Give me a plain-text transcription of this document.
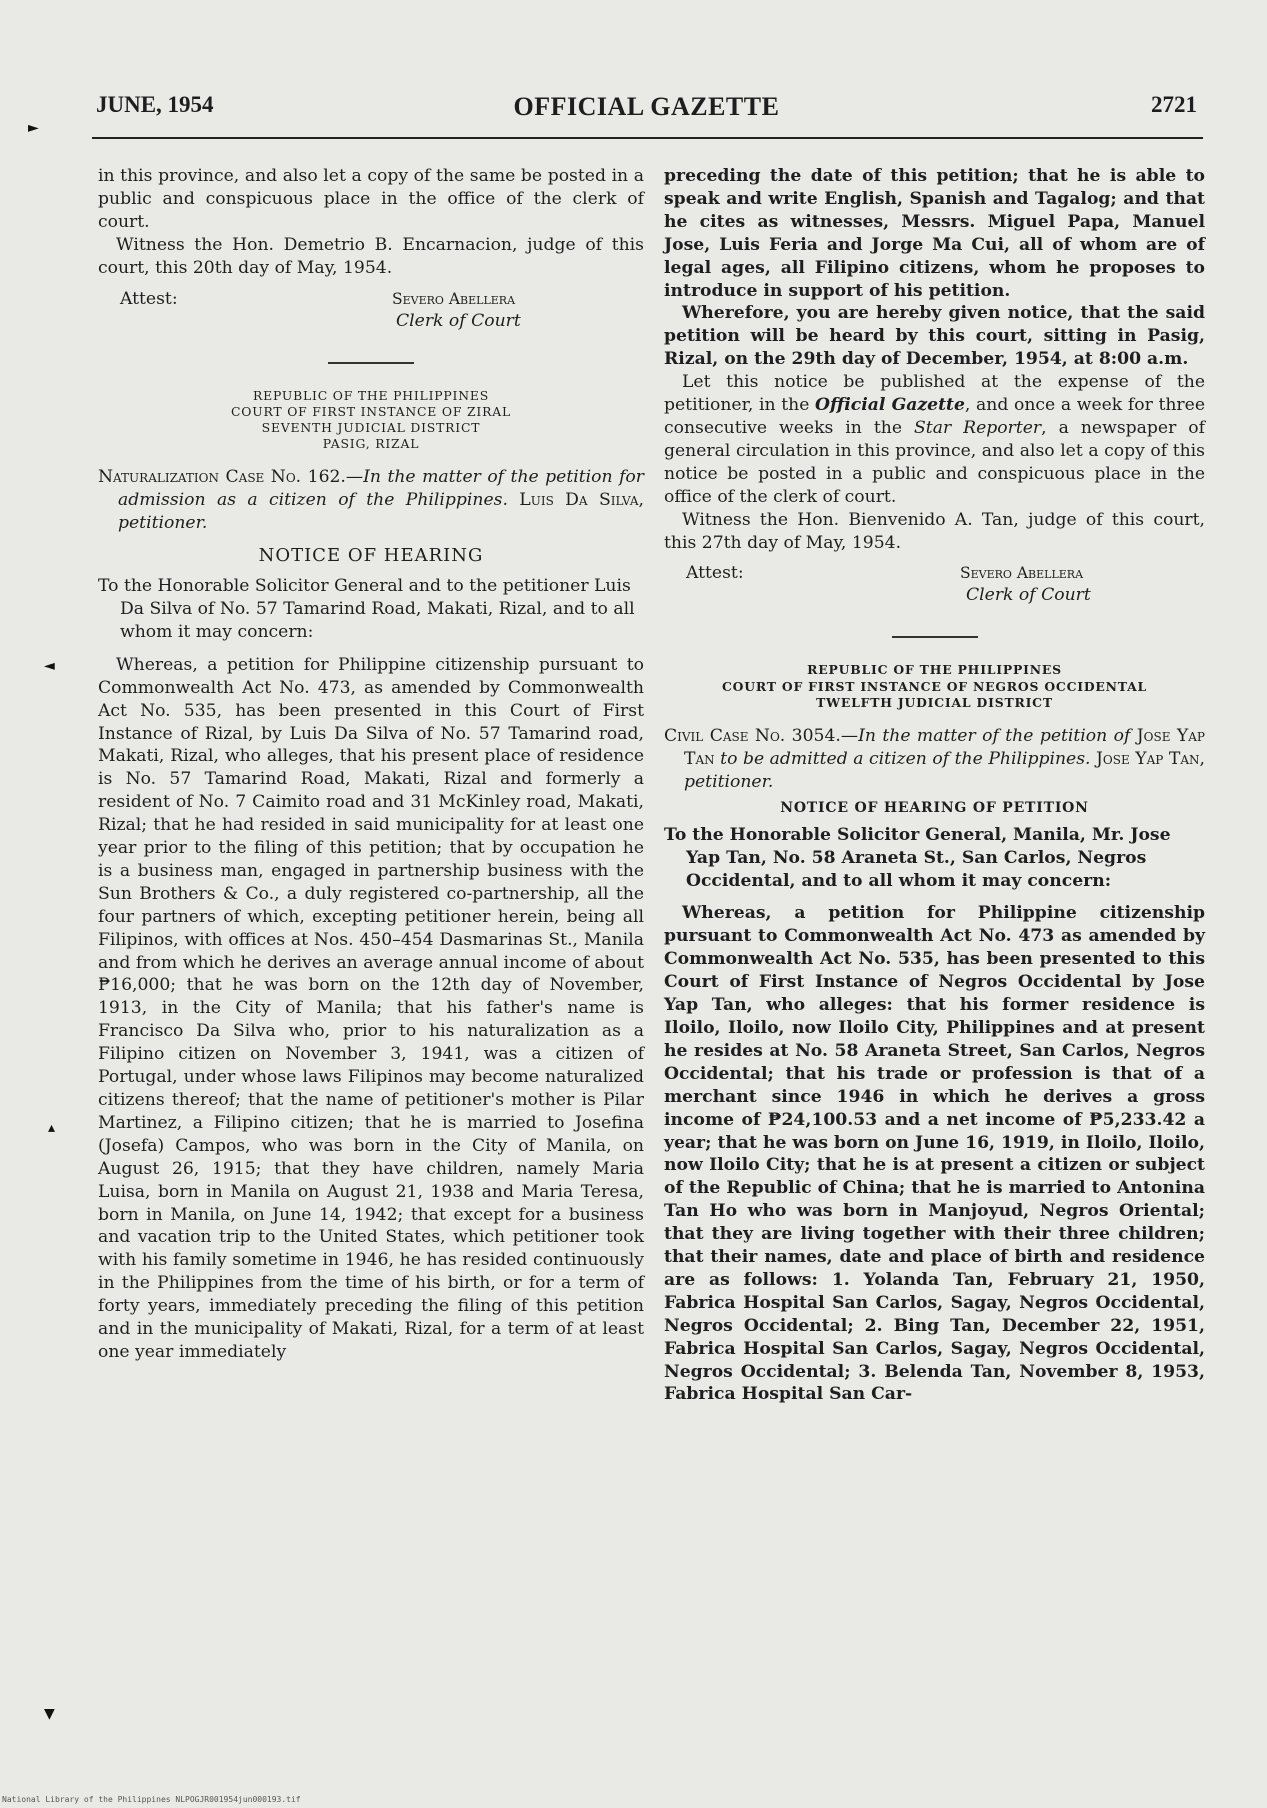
►
◄
▴
▼
JUNE, 1954	OFFICIAL GAZETTE	2721

in this province, and also let a copy of the same be posted in a public and conspicuous place in the office of the clerk of court.

Witness the Hon. Demetrio B. Encarnacion, judge of this court, this 20th day of May, 1954.

Attest:	Severo Abellera
Clerk of Court
REPUBLIC OF THE PHILIPPINES
COURT OF FIRST INSTANCE OF ZIRAL
SEVENTH JUDICIAL DISTRICT
PASIG, RIZAL

Naturalization Case No. 162.—In the matter of the petition for admission as a citizen of the Philippines. Luis Da Silva, petitioner.

NOTICE OF HEARING

To the Honorable Solicitor General and to the petitioner Luis Da Silva of No. 57 Tamarind Road, Makati, Rizal, and to all whom it may concern:

Whereas, a petition for Philippine citizenship pursuant to Commonwealth Act No. 473, as amended by Commonwealth Act No. 535, has been presented in this Court of First Instance of Rizal, by Luis Da Silva of No. 57 Tamarind road, Makati, Rizal, who alleges, that his present place of residence is No. 57 Tamarind Road, Makati, Rizal and formerly a resident of No. 7 Caimito road and 31 McKinley road, Makati, Rizal; that he had resided in said municipality for at least one year prior to the filing of this petition; that by occupation he is a business man, engaged in partnership business with the Sun Brothers & Co., a duly registered co-partnership, all the four partners of which, excepting petitioner herein, being all Filipinos, with offices at Nos. 450–454 Dasmarinas St., Manila and from which he derives an average annual income of about ₱16,000; that he was born on the 12th day of November, 1913, in the City of Manila; that his father's name is Francisco Da Silva who, prior to his naturalization as a Filipino citizen on November 3, 1941, was a citizen of Portugal, under whose laws Filipinos may become naturalized citizens thereof; that the name of petitioner's mother is Pilar Martinez, a Filipino citizen; that he is married to Josefina (Josefa) Campos, who was born in the City of Manila, on August 26, 1915; that they have children, namely Maria Luisa, born in Manila on August 21, 1938 and Maria Teresa, born in Manila, on June 14, 1942; that except for a business and vacation trip to the United States, which petitioner took with his family sometime in 1946, he has resided continuously in the Philippines from the time of his birth, or for a term of forty years, immediately preceding the filing of this petition and in the municipality of Makati, Rizal, for a term of at least one year immediately

preceding the date of this petition; that he is able to speak and write English, Spanish and Tagalog; and that he cites as witnesses, Messrs. Miguel Papa, Manuel Jose, Luis Feria and Jorge Ma Cui, all of whom are of legal ages, all Filipino citizens, whom he proposes to introduce in support of his petition.

Wherefore, you are hereby given notice, that the said petition will be heard by this court, sitting in Pasig, Rizal, on the 29th day of December, 1954, at 8:00 a.m.

Let this notice be published at the expense of the petitioner, in the Official Gazette, and once a week for three consecutive weeks in the Star Reporter, a newspaper of general circulation in this province, and also let a copy of this notice be posted in a public and conspicuous place in the office of the clerk of court.

Witness the Hon. Bienvenido A. Tan, judge of this court, this 27th day of May, 1954.

Attest:	Severo Abellera
Clerk of Court
REPUBLIC OF THE PHILIPPINES
COURT OF FIRST INSTANCE OF NEGROS OCCIDENTAL
TWELFTH JUDICIAL DISTRICT

Civil Case No. 3054.—In the matter of the petition of Jose Yap Tan to be admitted a citizen of the Philippines. Jose Yap Tan, petitioner.

NOTICE OF HEARING OF PETITION

To the Honorable Solicitor General, Manila, Mr. Jose Yap Tan, No. 58 Araneta St., San Carlos, Negros Occidental, and to all whom it may concern:

Whereas, a petition for Philippine citizenship pursuant to Commonwealth Act No. 473 as amended by Commonwealth Act No. 535, has been presented to this Court of First Instance of Negros Occidental by Jose Yap Tan, who alleges: that his former residence is Iloilo, Iloilo, now Iloilo City, Philippines and at present he resides at No. 58 Araneta Street, San Carlos, Negros Occidental; that his trade or profession is that of a merchant since 1946 in which he derives a gross income of ₱24,100.53 and a net income of ₱5,233.42 a year; that he was born on June 16, 1919, in Iloilo, Iloilo, now Iloilo City; that he is at present a citizen or subject of the Republic of China; that he is married to Antonina Tan Ho who was born in Manjoyud, Negros Oriental; that they are living together with their three children; that their names, date and place of birth and residence are as follows: 1. Yolanda Tan, February 21, 1950, Fabrica Hospital San Carlos, Sagay, Negros Occidental, Negros Occidental; 2. Bing Tan, December 22, 1951, Fabrica Hospital San Carlos, Sagay, Negros Occidental, Negros Occidental; 3. Belenda Tan, November 8, 1953, Fabrica Hospital San Car-

National Library of the Philippines NLPOGJR001954jun000193.tif
